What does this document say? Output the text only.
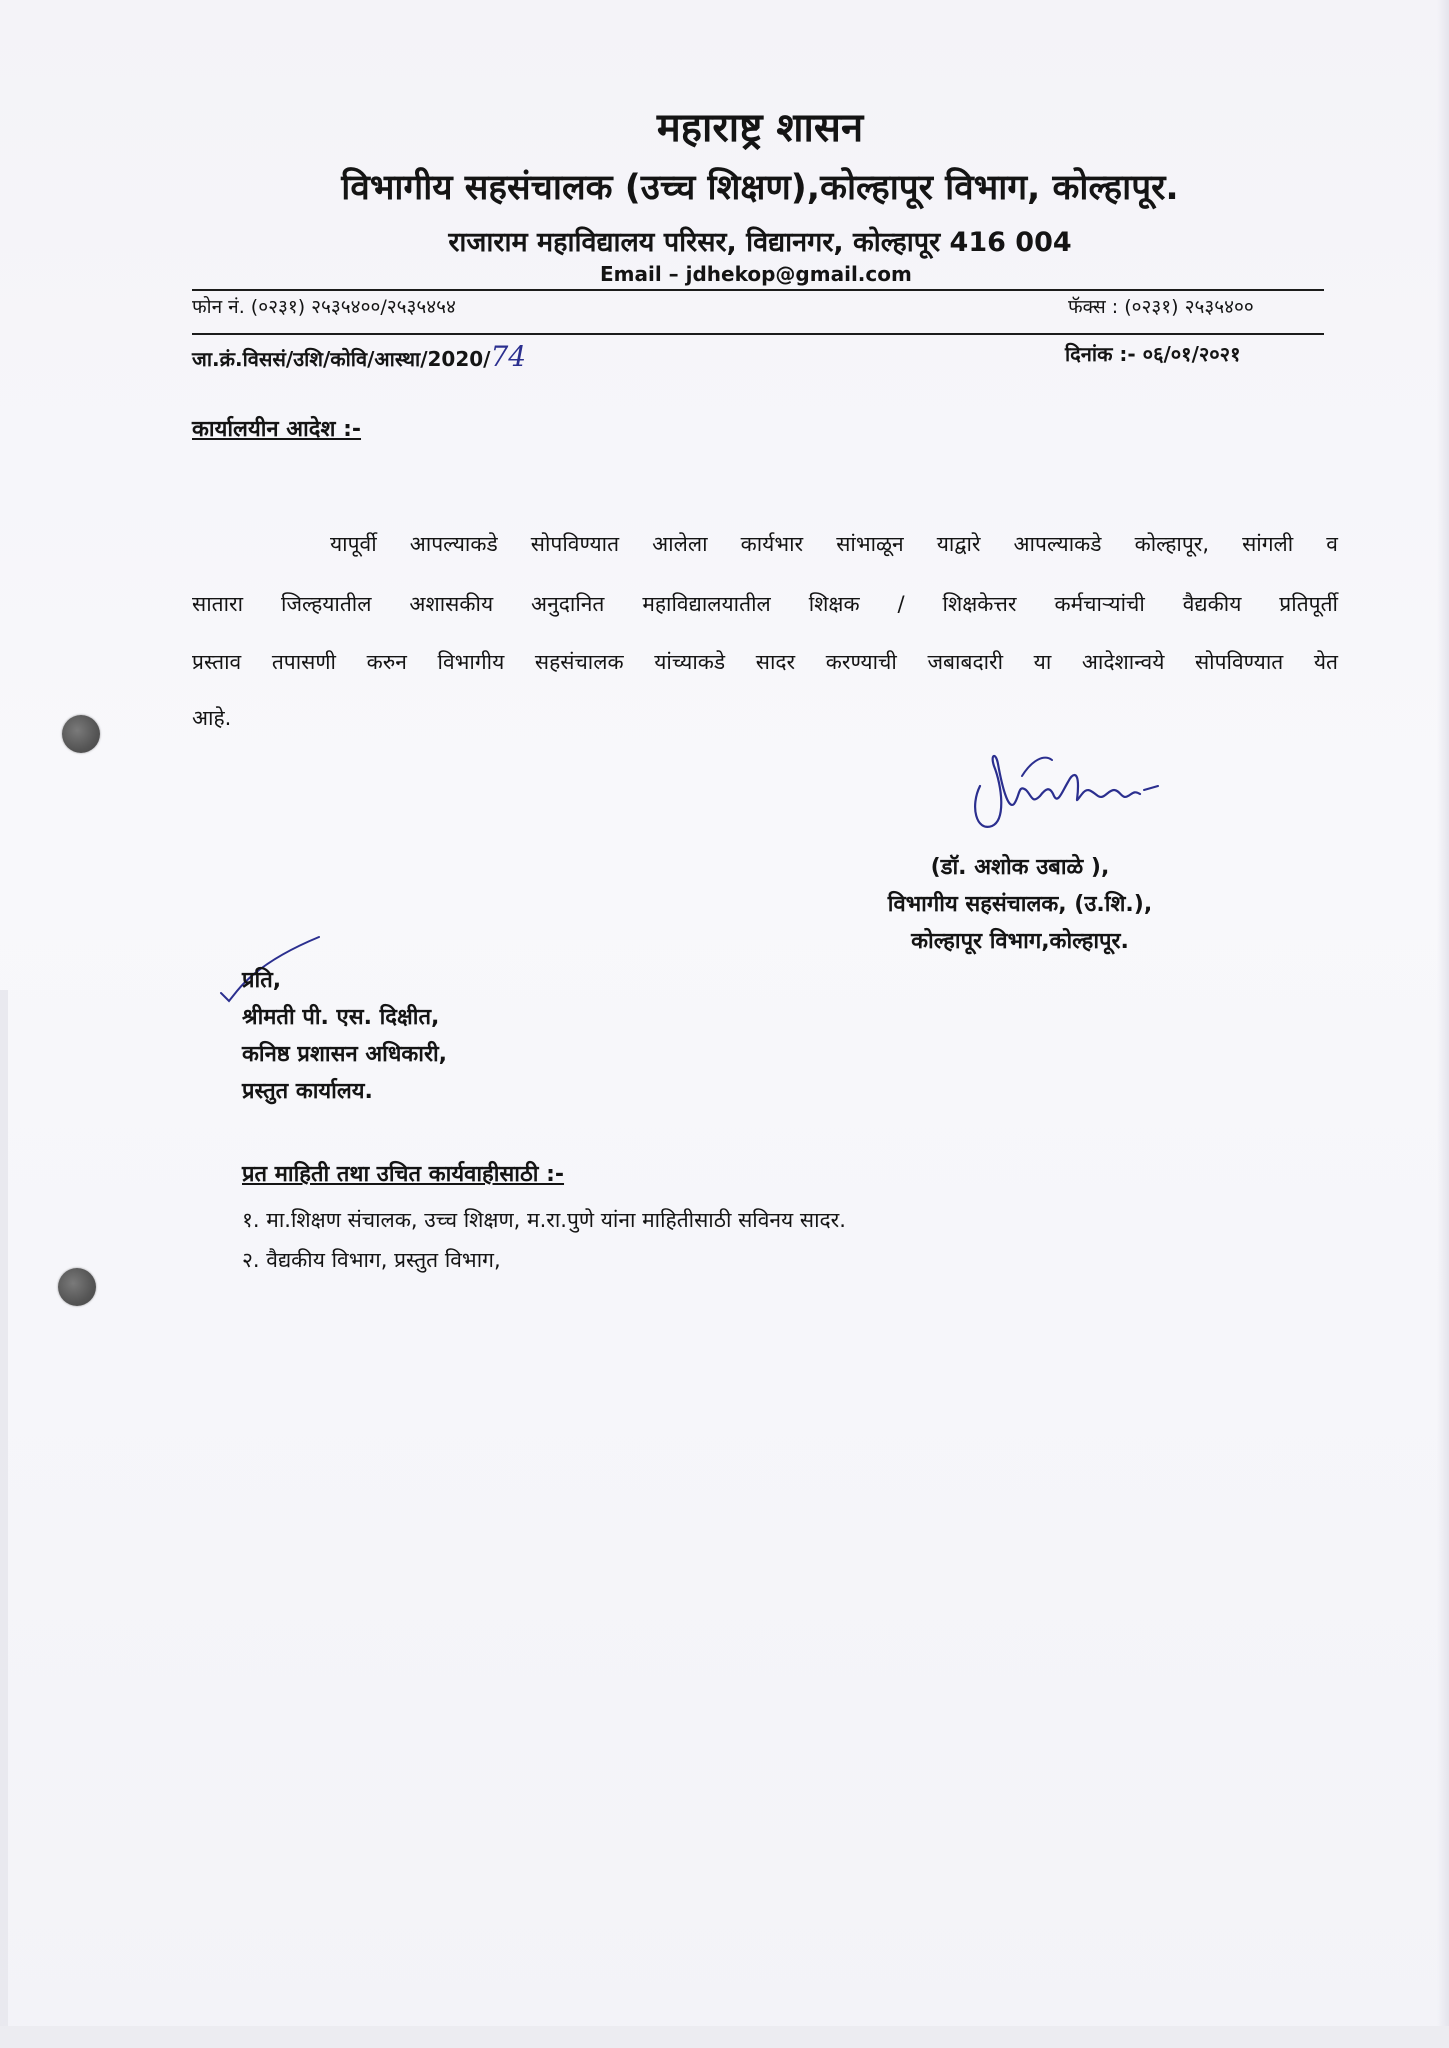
महाराष्ट्र शासन
विभागीय सहसंचालक (उच्च शिक्षण),कोल्हापूर विभाग, कोल्हापूर.
राजाराम महाविद्यालय परिसर, विद्यानगर, कोल्हापूर 416 004
Email – jdhekop@gmail.com
फोन नं. (०२३१) २५३५४००/२५३५४५४	फॅक्स : (०२३१) २५३५४००
जा.क्रं.विससं/उशि/कोवि/आस्था/2020/74	दिनांक :- ०६/०१/२०२१
कार्यालयीन आदेश :-
यापूर्वी आपल्याकडे सोपविण्यात आलेला कार्यभार सांभाळून याद्वारे आपल्याकडे कोल्हापूर, सांगली व
सातारा जिल्हयातील अशासकीय अनुदानित महाविद्यालयातील शिक्षक / शिक्षकेत्तर कर्मचाऱ्यांची वैद्यकीय प्रतिपूर्ती
प्रस्ताव तपासणी करुन विभागीय सहसंचालक यांच्याकडे सादर करण्याची जबाबदारी या आदेशान्वये सोपविण्यात येत
आहे.
(डॉ. अशोक उबाळे ),
विभागीय सहसंचालक, (उ.शि.),
कोल्हापूर विभाग,कोल्हापूर.
प्रति,
श्रीमती पी. एस. दिक्षीत,
कनिष्ठ प्रशासन अधिकारी,
प्रस्तुत कार्यालय.
प्रत माहिती तथा उचित कार्यवाहीसाठी :-
१. मा.शिक्षण संचालक, उच्च शिक्षण, म.रा.पुणे यांना माहितीसाठी सविनय सादर.
२. वैद्यकीय विभाग, प्रस्तुत विभाग,
